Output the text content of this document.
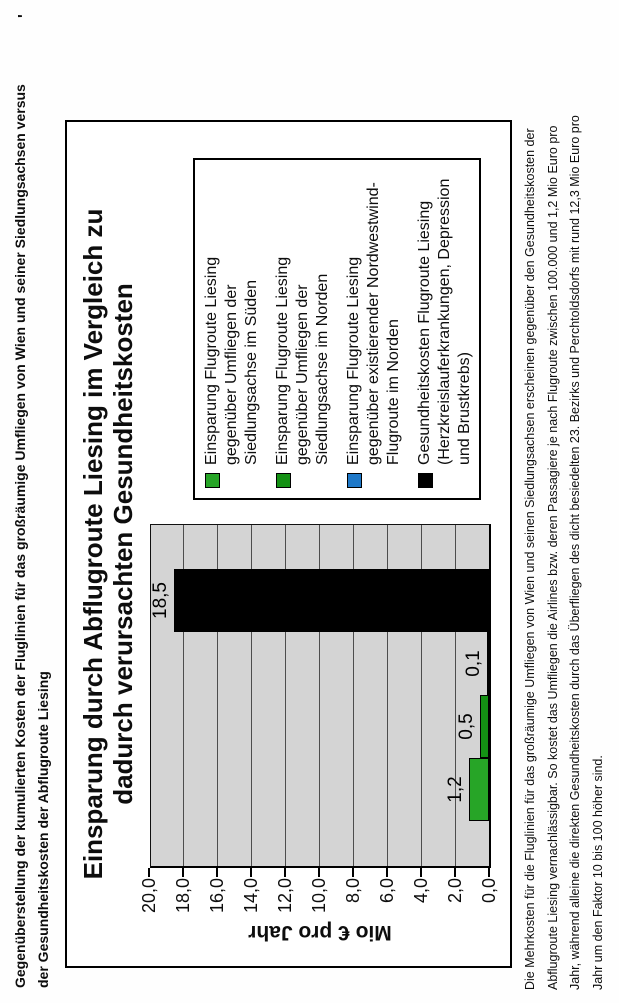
Gegenüberstellung der kumulierten Kosten der Fluglinien für das großräumige Umfliegen von Wien und seiner Siedlungsachsen versus der Gesundheitskosten der Abflugroute Liesing
'
Einsparung durch Abflugroute Liesing im Vergleich zu dadurch verursachten Gesundheitskosten
Mio € pro Jahr
0,0
2,0
4,0
6,0
8,0
10,0
12,0
14,0
16,0
18,0
20,0
1,2
0,5
0,1
18,5
Einsparung Flugroute Liesing gegenüber Umfliegen der Siedlungsachse im Süden Einsparung Flugroute Liesing gegenüber Umfliegen der Siedlungsachse im Norden Einsparung Flugroute Liesing gegenüber existierender Nordwestwind- Flugroute im Norden Gesundheitskosten Flugroute Liesing (Herzkreislauferkrankungen, Depression und Brustkrebs)	Die Mehrkosten für die Fluglinien für das großräumige Umfliegen von Wien und seinen Siedlungsachsen erscheinen gegenüber den Gesundheitskosten der Abflugroute Liesing vernachlässigbar. So kostet das Umfliegen die Airlines bzw. deren Passagiere je nach Flugroute zwischen 100.000 und 1,2 Mio Euro pro Jahr, während alleine die direkten Gesundheitskosten durch das Überfliegen des dicht besiedelten 23. Bezirks und Perchtoldsdorfs mit rund 12,3 Mio Euro pro Jahr um den Faktor 10 bis 100 höher sind.
